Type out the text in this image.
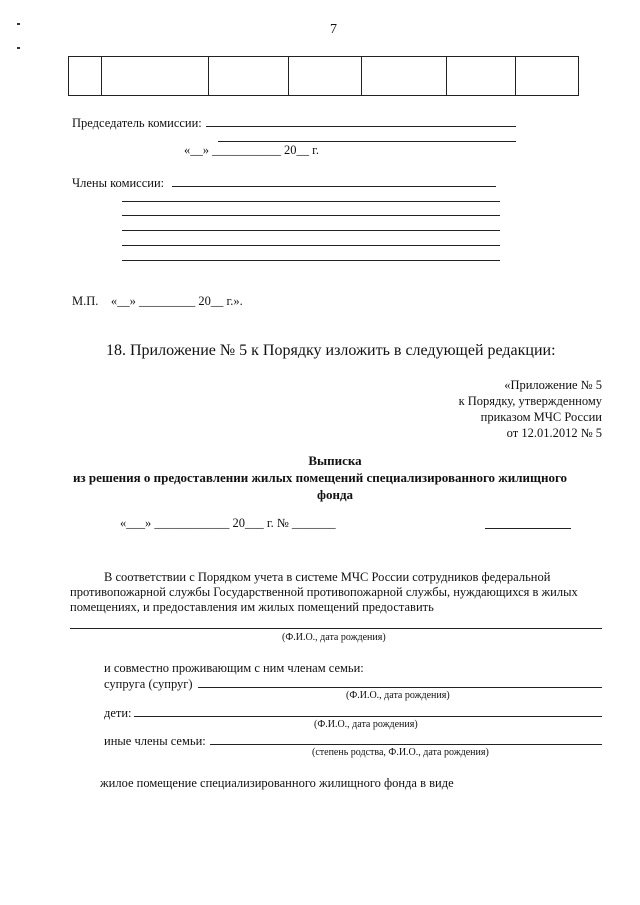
7

Председатель комиссии:
«__» ___________ 20__ г.
Члены комиссии:
М.П.    «__» _________ 20__ г.».
18. Приложение № 5 к Порядку изложить в следующей редакции:
«Приложение № 5
к Порядку, утвержденному
приказом МЧС России
от 12.01.2012 № 5
Выписка
из решения о предоставлении жилых помещений специализированного жилищного
фонда
«___» ____________ 20___ г. № _______
В соответствии с Порядком учета в системе МЧС России сотрудников федеральной
противопожарной службы Государственной противопожарной службы, нуждающихся в жилых
помещениях, и предоставления им жилых помещений предоставить
(Ф.И.О., дата рождения)
и совместно проживающим с ним членам семьи:
супруга (супруг)
(Ф.И.О., дата рождения)
дети:
(Ф.И.О., дата рождения)
иные члены семьи:
(степень родства, Ф.И.О., дата рождения)
жилое помещение специализированного жилищного фонда в виде
